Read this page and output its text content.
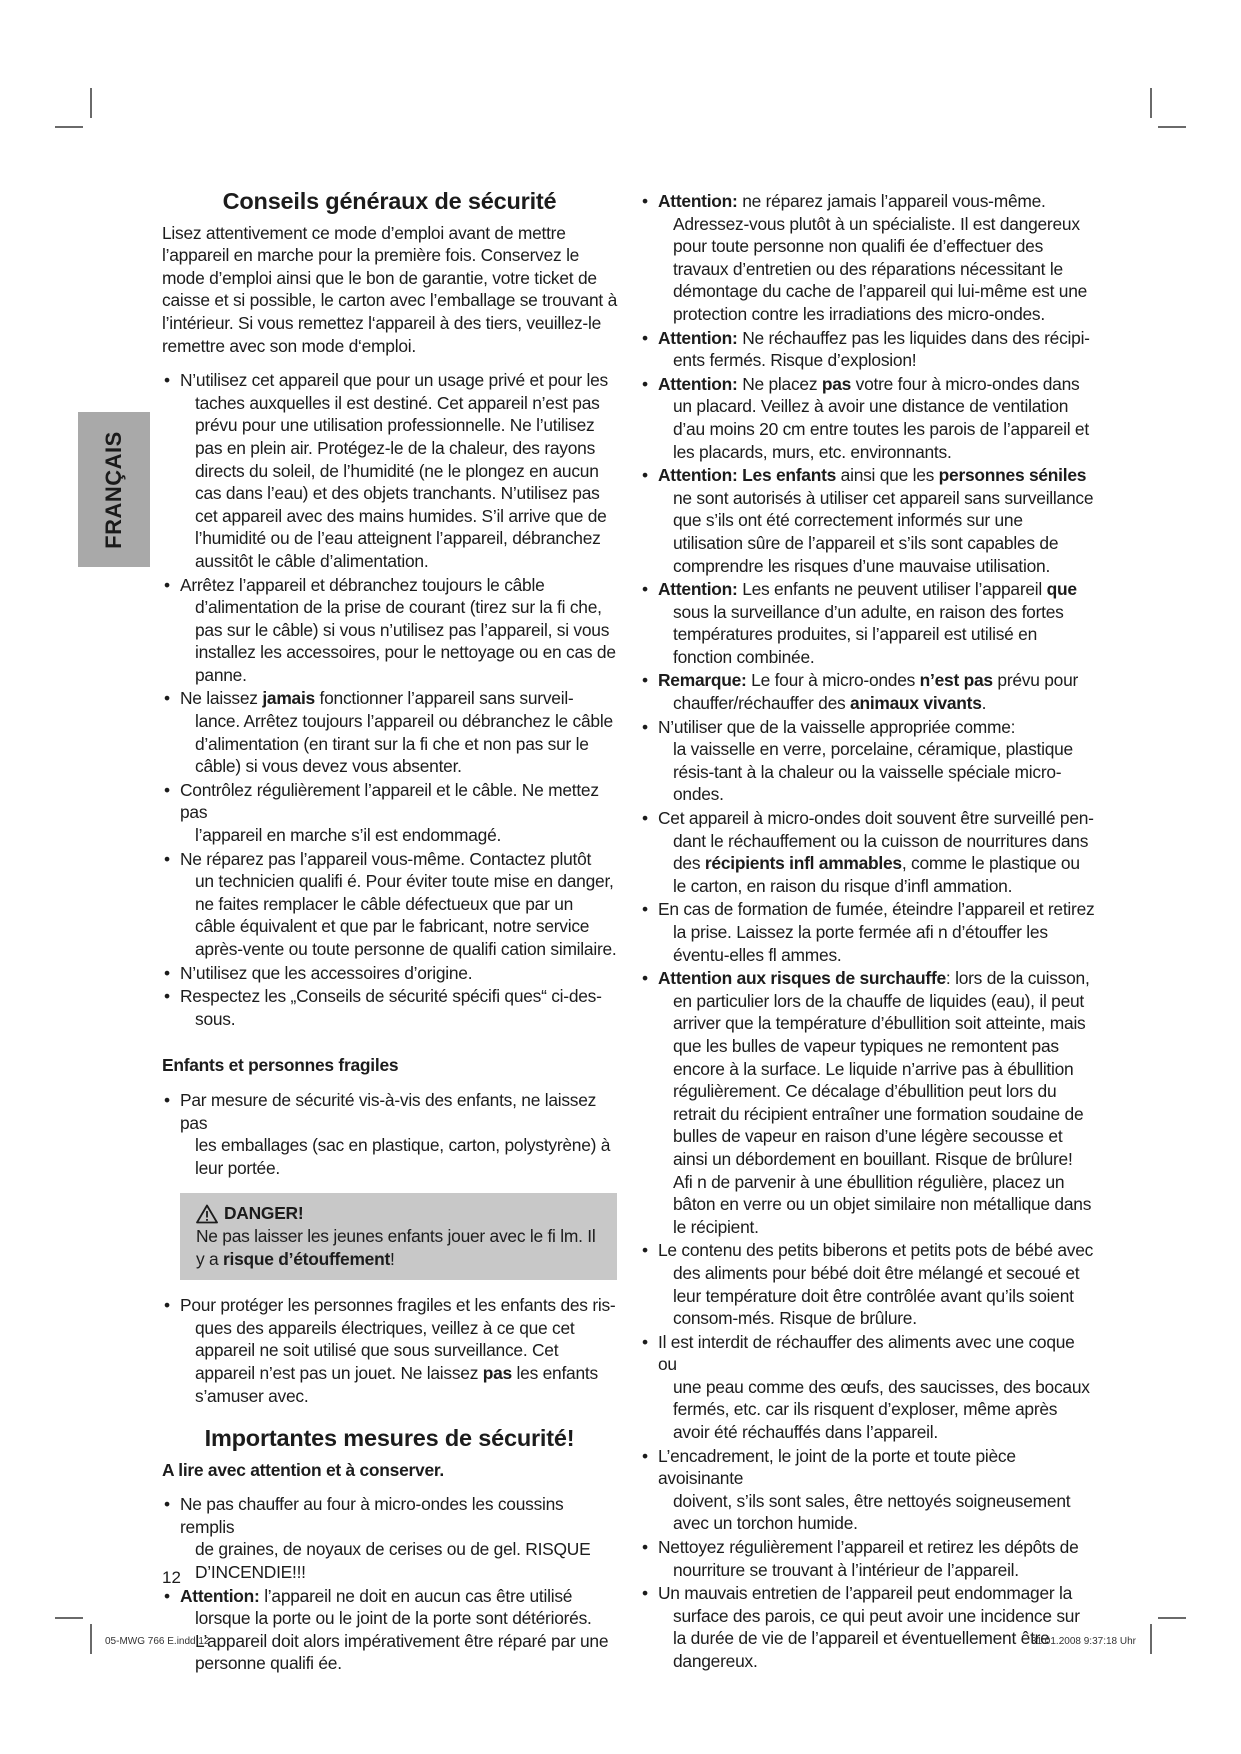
FRANÇAIS
Conseils généraux de sécurité
Lisez attentivement ce mode d’emploi avant de mettre l’appareil en marche pour la première fois. Conservez le mode d’emploi ainsi que le bon de garantie, votre ticket de caisse et si possible, le carton avec l’emballage se trouvant à l’intérieur. Si vous remettez l‘appareil à des tiers, veuillez-le remettre avec son mode d‘emploi.
• N’utilisez cet appareil que pour un usage privé et pour les
taches auxquelles il est destiné. Cet appareil n’est pas prévu pour une utilisation professionnelle. Ne l’utilisez pas en plein air. Protégez-le de la chaleur, des rayons directs du soleil, de l’humidité (ne le plongez en aucun cas dans l’eau) et des objets tranchants. N’utilisez pas cet appareil avec des mains humides. S’il arrive que de l’humidité ou de l’eau atteignent l’appareil, débranchez aussitôt le câble d’alimentation.
• Arrêtez l’appareil et débranchez toujours le câble
d’alimentation de la prise de courant (tirez sur la fi che, pas sur le câble) si vous n’utilisez pas l’appareil, si vous installez les accessoires, pour le nettoyage ou en cas de panne.
• Ne laissez jamais fonctionner l’appareil sans surveil-
lance. Arrêtez toujours l’appareil ou débranchez le câble d’alimentation (en tirant sur la fi che et non pas sur le câble) si vous devez vous absenter.
• Contrôlez régulièrement l’appareil et le câble. Ne mettez pas
l’appareil en marche s’il est endommagé.
• Ne réparez pas l’appareil vous-même. Contactez plutôt
un technicien qualifi é. Pour éviter toute mise en danger, ne faites remplacer le câble défectueux que par un câble équivalent et que par le fabricant, notre service après-vente ou toute personne de qualifi cation similaire.
• N’utilisez que les accessoires d’origine.
• Respectez les „Conseils de sécurité spécifi ques“ ci-des-
sous.
Enfants et personnes fragiles
• Par mesure de sécurité vis-à-vis des enfants, ne laissez pas
les emballages (sac en plastique, carton, polystyrène) à leur portée.
DANGER!
Ne pas laisser les jeunes enfants jouer avec le fi lm. Il y a risque d’étouffement!
• Pour protéger les personnes fragiles et les enfants des ris-
ques des appareils électriques, veillez à ce que cet appareil ne soit utilisé que sous surveillance. Cet appareil n’est pas un jouet. Ne laissez pas les enfants s’amuser avec.
Importantes mesures de sécurité!
A lire avec attention et à conserver.
• Ne pas chauffer au four à micro-ondes les coussins remplis
de graines, de noyaux de cerises ou de gel. RISQUE D’INCENDIE!!!
• Attention: l’appareil ne doit en aucun cas être utilisé
lorsque la porte ou le joint de la porte sont détériorés. L’appareil doit alors impérativement être réparé par une personne qualifi ée.
12
• Attention: ne réparez jamais l’appareil vous-même.
Adressez-vous plutôt à un spécialiste. Il est dangereux pour toute personne non qualifi ée d’effectuer des travaux d’entretien ou des réparations nécessitant le démontage du cache de l’appareil qui lui-même est une protection contre les irradiations des micro-ondes.
• Attention: Ne réchauffez pas les liquides dans des récipi-
ents fermés. Risque d’explosion!
• Attention: Ne placez pas votre four à micro-ondes dans
un placard. Veillez à avoir une distance de ventilation d’au moins 20 cm entre toutes les parois de l’appareil et les placards, murs, etc. environnants.
• Attention: Les enfants ainsi que les personnes séniles
ne sont autorisés à utiliser cet appareil sans surveillance que s’ils ont été correctement informés sur une utilisation sûre de l’appareil et s’ils sont capables de comprendre les risques d’une mauvaise utilisation.
• Attention: Les enfants ne peuvent utiliser l’appareil que
sous la surveillance d’un adulte, en raison des fortes températures produites, si l’appareil est utilisé en fonction combinée.
• Remarque: Le four à micro-ondes n’est pas prévu pour
chauffer/réchauffer des animaux vivants.
• N’utiliser que de la vaisselle appropriée comme:
la vaisselle en verre, porcelaine, céramique, plastique résis-tant à la chaleur ou la vaisselle spéciale micro-ondes.
• Cet appareil à micro-ondes doit souvent être surveillé pen-
dant le réchauffement ou la cuisson de nourritures dans des récipients infl ammables, comme le plastique ou le carton, en raison du risque d’infl ammation.
• En cas de formation de fumée, éteindre l’appareil et retirez
la prise. Laissez la porte fermée afi n d’étouffer les éventu-elles fl ammes.
• Attention aux risques de surchauffe: lors de la cuisson,
en particulier lors de la chauffe de liquides (eau), il peut arriver que la température d’ébullition soit atteinte, mais que les bulles de vapeur typiques ne remontent pas encore à la surface. Le liquide n’arrive pas à ébullition régulièrement. Ce décalage d’ébullition peut lors du retrait du récipient entraîner une formation soudaine de bulles de vapeur en raison d’une légère secousse et ainsi un débordement en bouillant. Risque de brûlure! Afi n de parvenir à une ébullition régulière, placez un bâton en verre ou un objet similaire non métallique dans le récipient.
• Le contenu des petits biberons et petits pots de bébé avec
des aliments pour bébé doit être mélangé et secoué et leur température doit être contrôlée avant qu’ils soient consom-més. Risque de brûlure.
• Il est interdit de réchauffer des aliments avec une coque ou
une peau comme des œufs, des saucisses, des bocaux fermés, etc. car ils risquent d’exploser, même après avoir été réchauffés dans l’appareil.
• L’encadrement, le joint de la porte et toute pièce avoisinante
doivent, s’ils sont sales, être nettoyés soigneusement avec un torchon humide.
• Nettoyez régulièrement l’appareil et retirez les dépôts de
nourriture se trouvant à l’intérieur de l’appareil.
• Un mauvais entretien de l’appareil peut endommager la
surface des parois, ce qui peut avoir une incidence sur la durée de vie de l’appareil et éventuellement être dangereux.
05-MWG 766 E.indd 12	31.01.2008 9:37:18 Uhr
